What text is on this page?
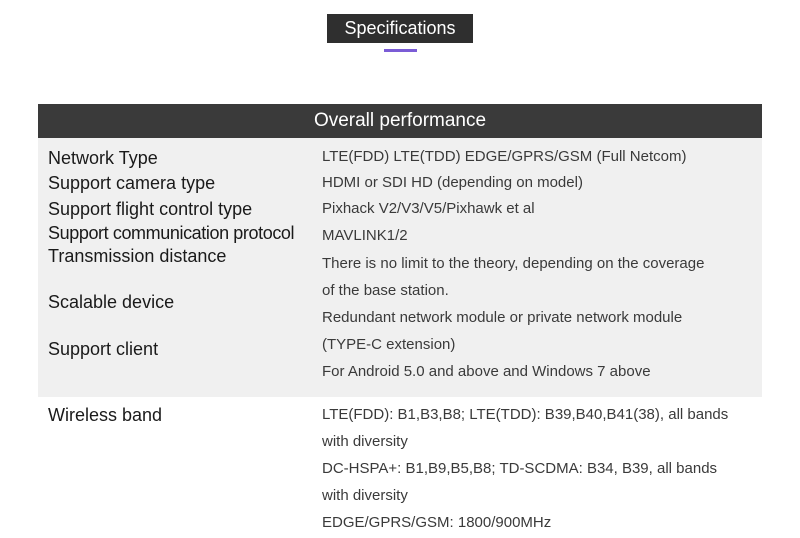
Specifications
Overall performance
Network Type
Support camera type
Support flight control type
Support communication protocol
Transmission distance
Scalable device
Support client
Wireless band
LTE(FDD) LTE(TDD) EDGE/GPRS/GSM (Full Netcom)
HDMI or SDI HD (depending on model)
Pixhack V2/V3/V5/Pixhawk et al
MAVLINK1/2
There is no limit to the theory, depending on the coverage
of the base station.
Redundant network module or private network module
(TYPE-C extension)
For Android 5.0 and above and Windows 7 above
LTE(FDD): B1,B3,B8; LTE(TDD): B39,B40,B41(38), all bands
with diversity
DC-HSPA+: B1,B9,B5,B8; TD-SCDMA: B34, B39, all bands
with diversity
EDGE/GPRS/GSM: 1800/900MHz
